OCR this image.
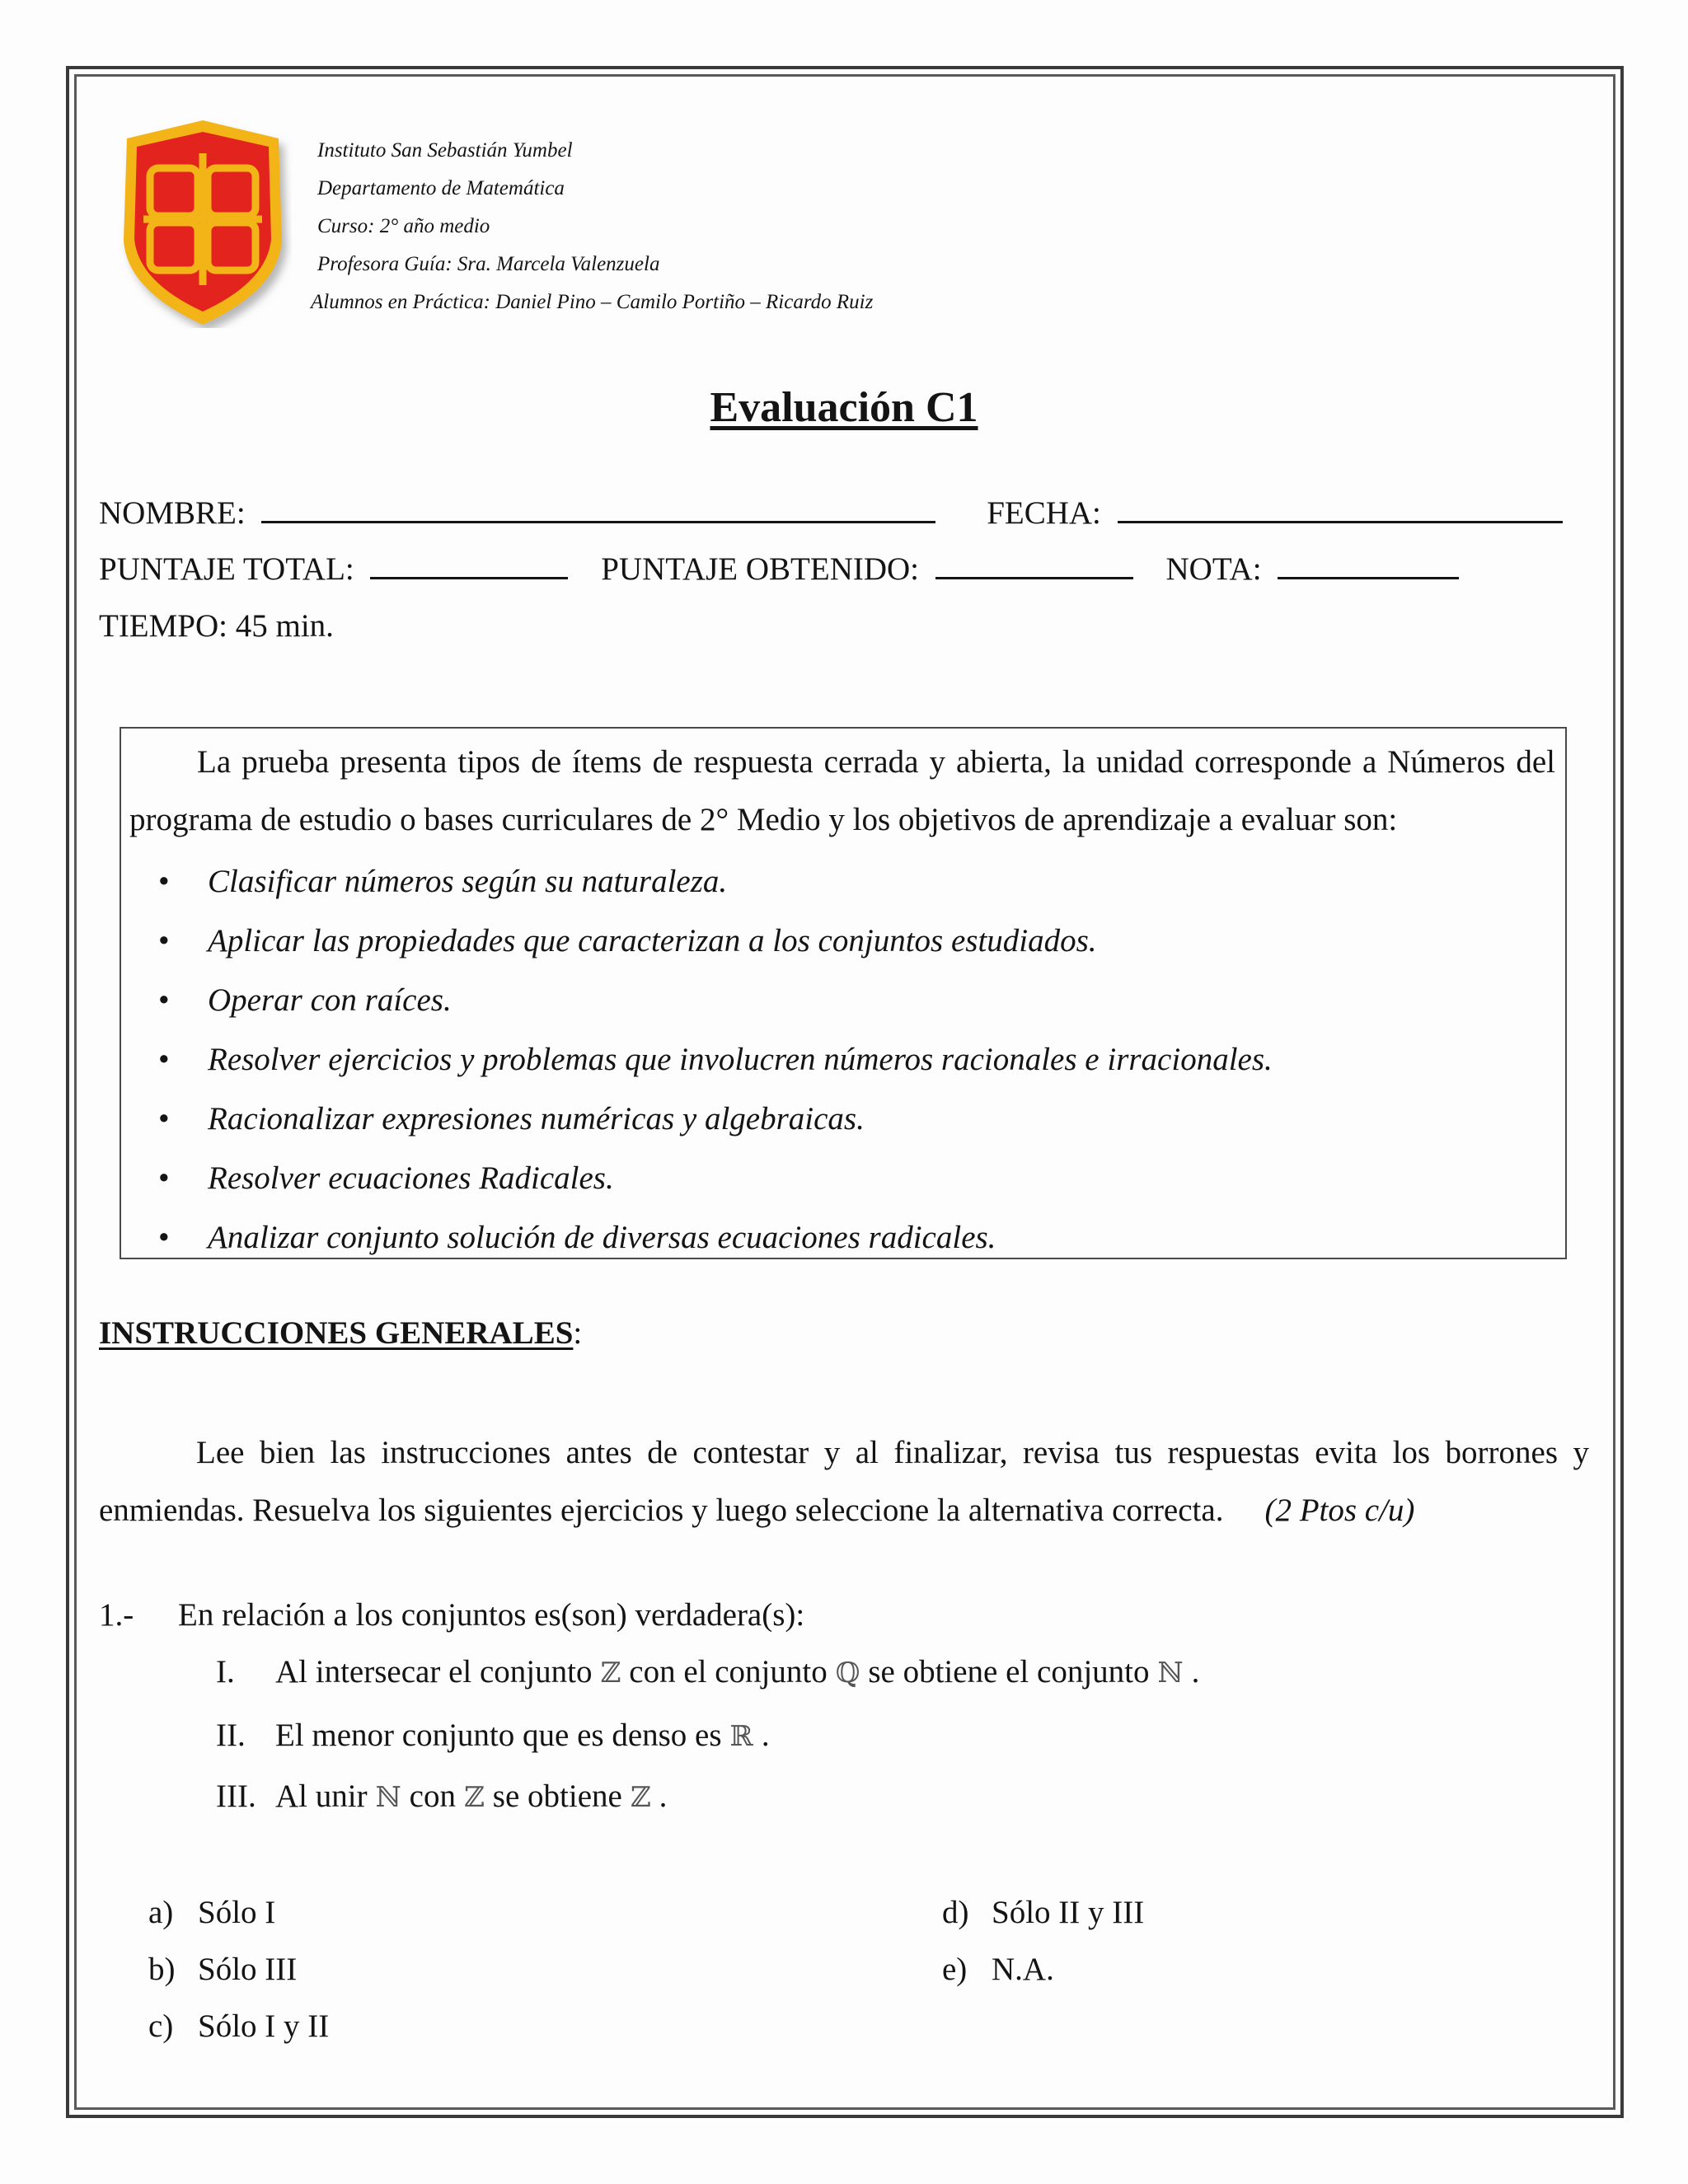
Instituto San Sebastián Yumbel
Departamento de Matemática
Curso: 2° año medio
Profesora Guía: Sra. Marcela Valenzuela
Alumnos en Práctica: Daniel Pino – Camilo Portiño – Ricardo Ruiz
Evaluación C1
NOMBRE:	FECHA:
PUNTAJE TOTAL:	PUNTAJE OBTENIDO:	NOTA:
TIEMPO: 45 min.
La prueba presenta tipos de ítems de respuesta cerrada y abierta, la unidad corresponde a Números del programa de estudio o bases curriculares de 2° Medio y los objetivos de aprendizaje a evaluar son:
• Clasificar números según su naturaleza.
• Aplicar las propiedades que caracterizan a los conjuntos estudiados.
• Operar con raíces.
• Resolver ejercicios y problemas que involucren números racionales e irracionales.
• Racionalizar expresiones numéricas y algebraicas.
• Resolver ecuaciones Radicales.
• Analizar conjunto solución de diversas ecuaciones radicales.
INSTRUCCIONES GENERALES:
Lee bien las instrucciones antes de contestar y al finalizar, revisa tus respuestas evita los borrones y enmiendas. Resuelva los siguientes ejercicios y luego seleccione la alternativa correcta. (2 Ptos c/u)
1.- En relación a los conjuntos es(son) verdadera(s):
I. Al intersecar el conjunto ℤ con el conjunto ℚ se obtiene el conjunto ℕ .
II. El menor conjunto que es denso es ℝ .
III. Al unir ℕ con ℤ se obtiene ℤ .
a) Sólo I
b) Sólo III
c) Sólo I y II
d) Sólo II y III
e) N.A.
